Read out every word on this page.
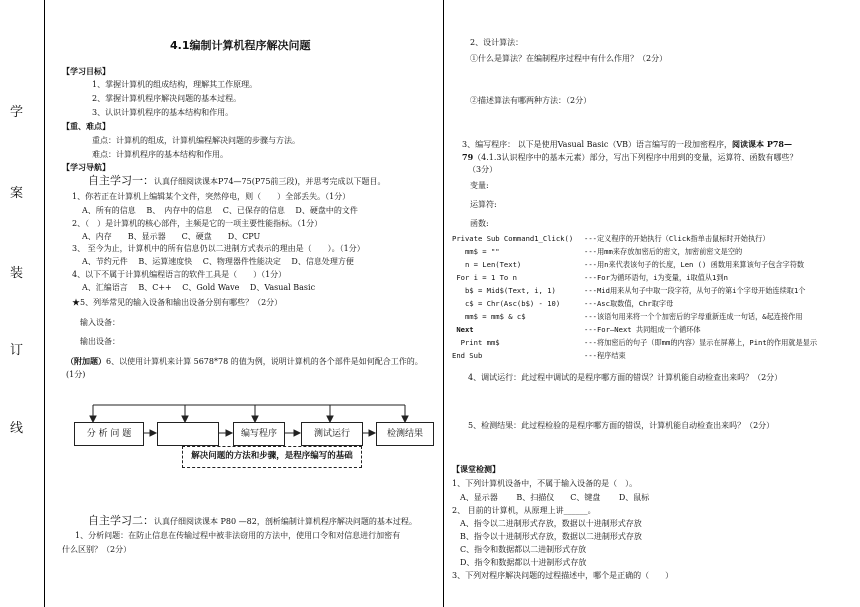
学
案
装
订
线
4.1编制计算机程序解决问题
【学习目标】
1、掌握计算机的组成结构，理解其工作原理。
2、掌握计算机程序解决问题的基本过程。
3、认识计算机程序的基本结构和作用。
【重、难点】
重点：计算机的组成，计算机编程解决问题的步骤与方法。
难点：计算机程序的基本结构和作用。
【学习导航】
自主学习一：认真仔细阅读课本P74—75(P75前三段)，并思考完成以下题目。
1、你若正在计算机上编辑某个文件，突然停电，则（　　）全部丢失。（1分）
A、所有的信息　 B、　内存中的信息　 C、已保存的信息　 D、硬盘中的文件
2、（　）是计算机的核心部件，主频是它的一项主要性能指标。（1分）
A、内存　　B、显示器　　C、硬盘　　D、CPU
3、 至今为止，计算机中的所有信息仍以二进制方式表示的理由是（　　）。（1分）
A、节约元件　 B、运算速度快　 C、物理器件性能决定　 D、信息处理方便
4、以下不属于计算机编程语言的软件工具是（　　）（1分）
A、汇编语言　 B、C++　 C、Gold Wave　 D、Vasual Basic
★5、列举常见的输入设备和输出设备分别有哪些？（2分）
输入设备：
输出设备：
（附加题）6、以使用计算机来计算 5678*78 的值为例，说明计算机的各个部件是如何配合工作的。
(1分)
分 析 问 题	编写程序	测试运行	检测结果
解决问题的方法和步骤，是程序编写的基础
自主学习二：认真仔细阅读课本 P80 —82，剖析编制计算机程序解决问题的基本过程。
1、分析问题：在防止信息在传输过程中被非法窃用的方法中，使用口令和对信息进行加密有
什么区别？（2分）
2、设计算法：
①什么是算法？在编制程序过程中有什么作用？（2分）
②描述算法有哪两种方法：（2分）
3、编写程序： 以下是使用Vasual Basic（VB）语言编写的一段加密程序，阅读课本 P78—
79（4.1.3认识程序中的基本元素）部分，写出下列程序中用到的变量，运算符、函数有哪些？
（3分）
变量:
运算符:
函数:
Private Sub Command1_Click() ---定义程序的开始执行（Click指单击鼠标时开始执行）
mm$ = ""	---用mm来存放加密后的密文，加密前密文是空的
n = Len(Text)	---用n来代表该句子的长度，Len () 函数用来算该句子包含字符数
For i = 1 To n	---For为循环语句，i为变量，i取值从1到n
b$ = Mid$(Text, i, 1)	---Mid用来从句子中取一段字符，从句子的第i个字母开始连续取1个
c$ = Chr(Asc(b$) - 10)	---Asc取数值，Chr取字母
mm$ = mm$ & c$	---该语句用来将一个个加密后的字母重新连成一句话，&起连接作用
Next	---For—Next 共同组成一个循环体
Print mm$	---将加密后的句子（即mm的内容）显示在屏幕上，Pint的作用就是显示
End Sub	---程序结束
4、调试运行：此过程中调试的是程序哪方面的错误？计算机能自动检查出来吗？（2分）
5、检测结果：此过程检验的是程序哪方面的错误，计算机能自动检查出来吗？（2分）
【课堂检测】
1、下列计算机设备中，不属于输入设备的是（　）。
A、显示器　　 B、扫描仪　　C、键盘　　 D、鼠标
2、 目前的计算机，从原理上讲______。
A、指令以二进制形式存放，数据以十进制形式存放
B、指令以十进制形式存放，数据以二进制形式存放
C、指令和数据都以二进制形式存放
D、指令和数据都以十进制形式存放
3、下列对程序解决问题的过程描述中，哪个是正确的（　　）
